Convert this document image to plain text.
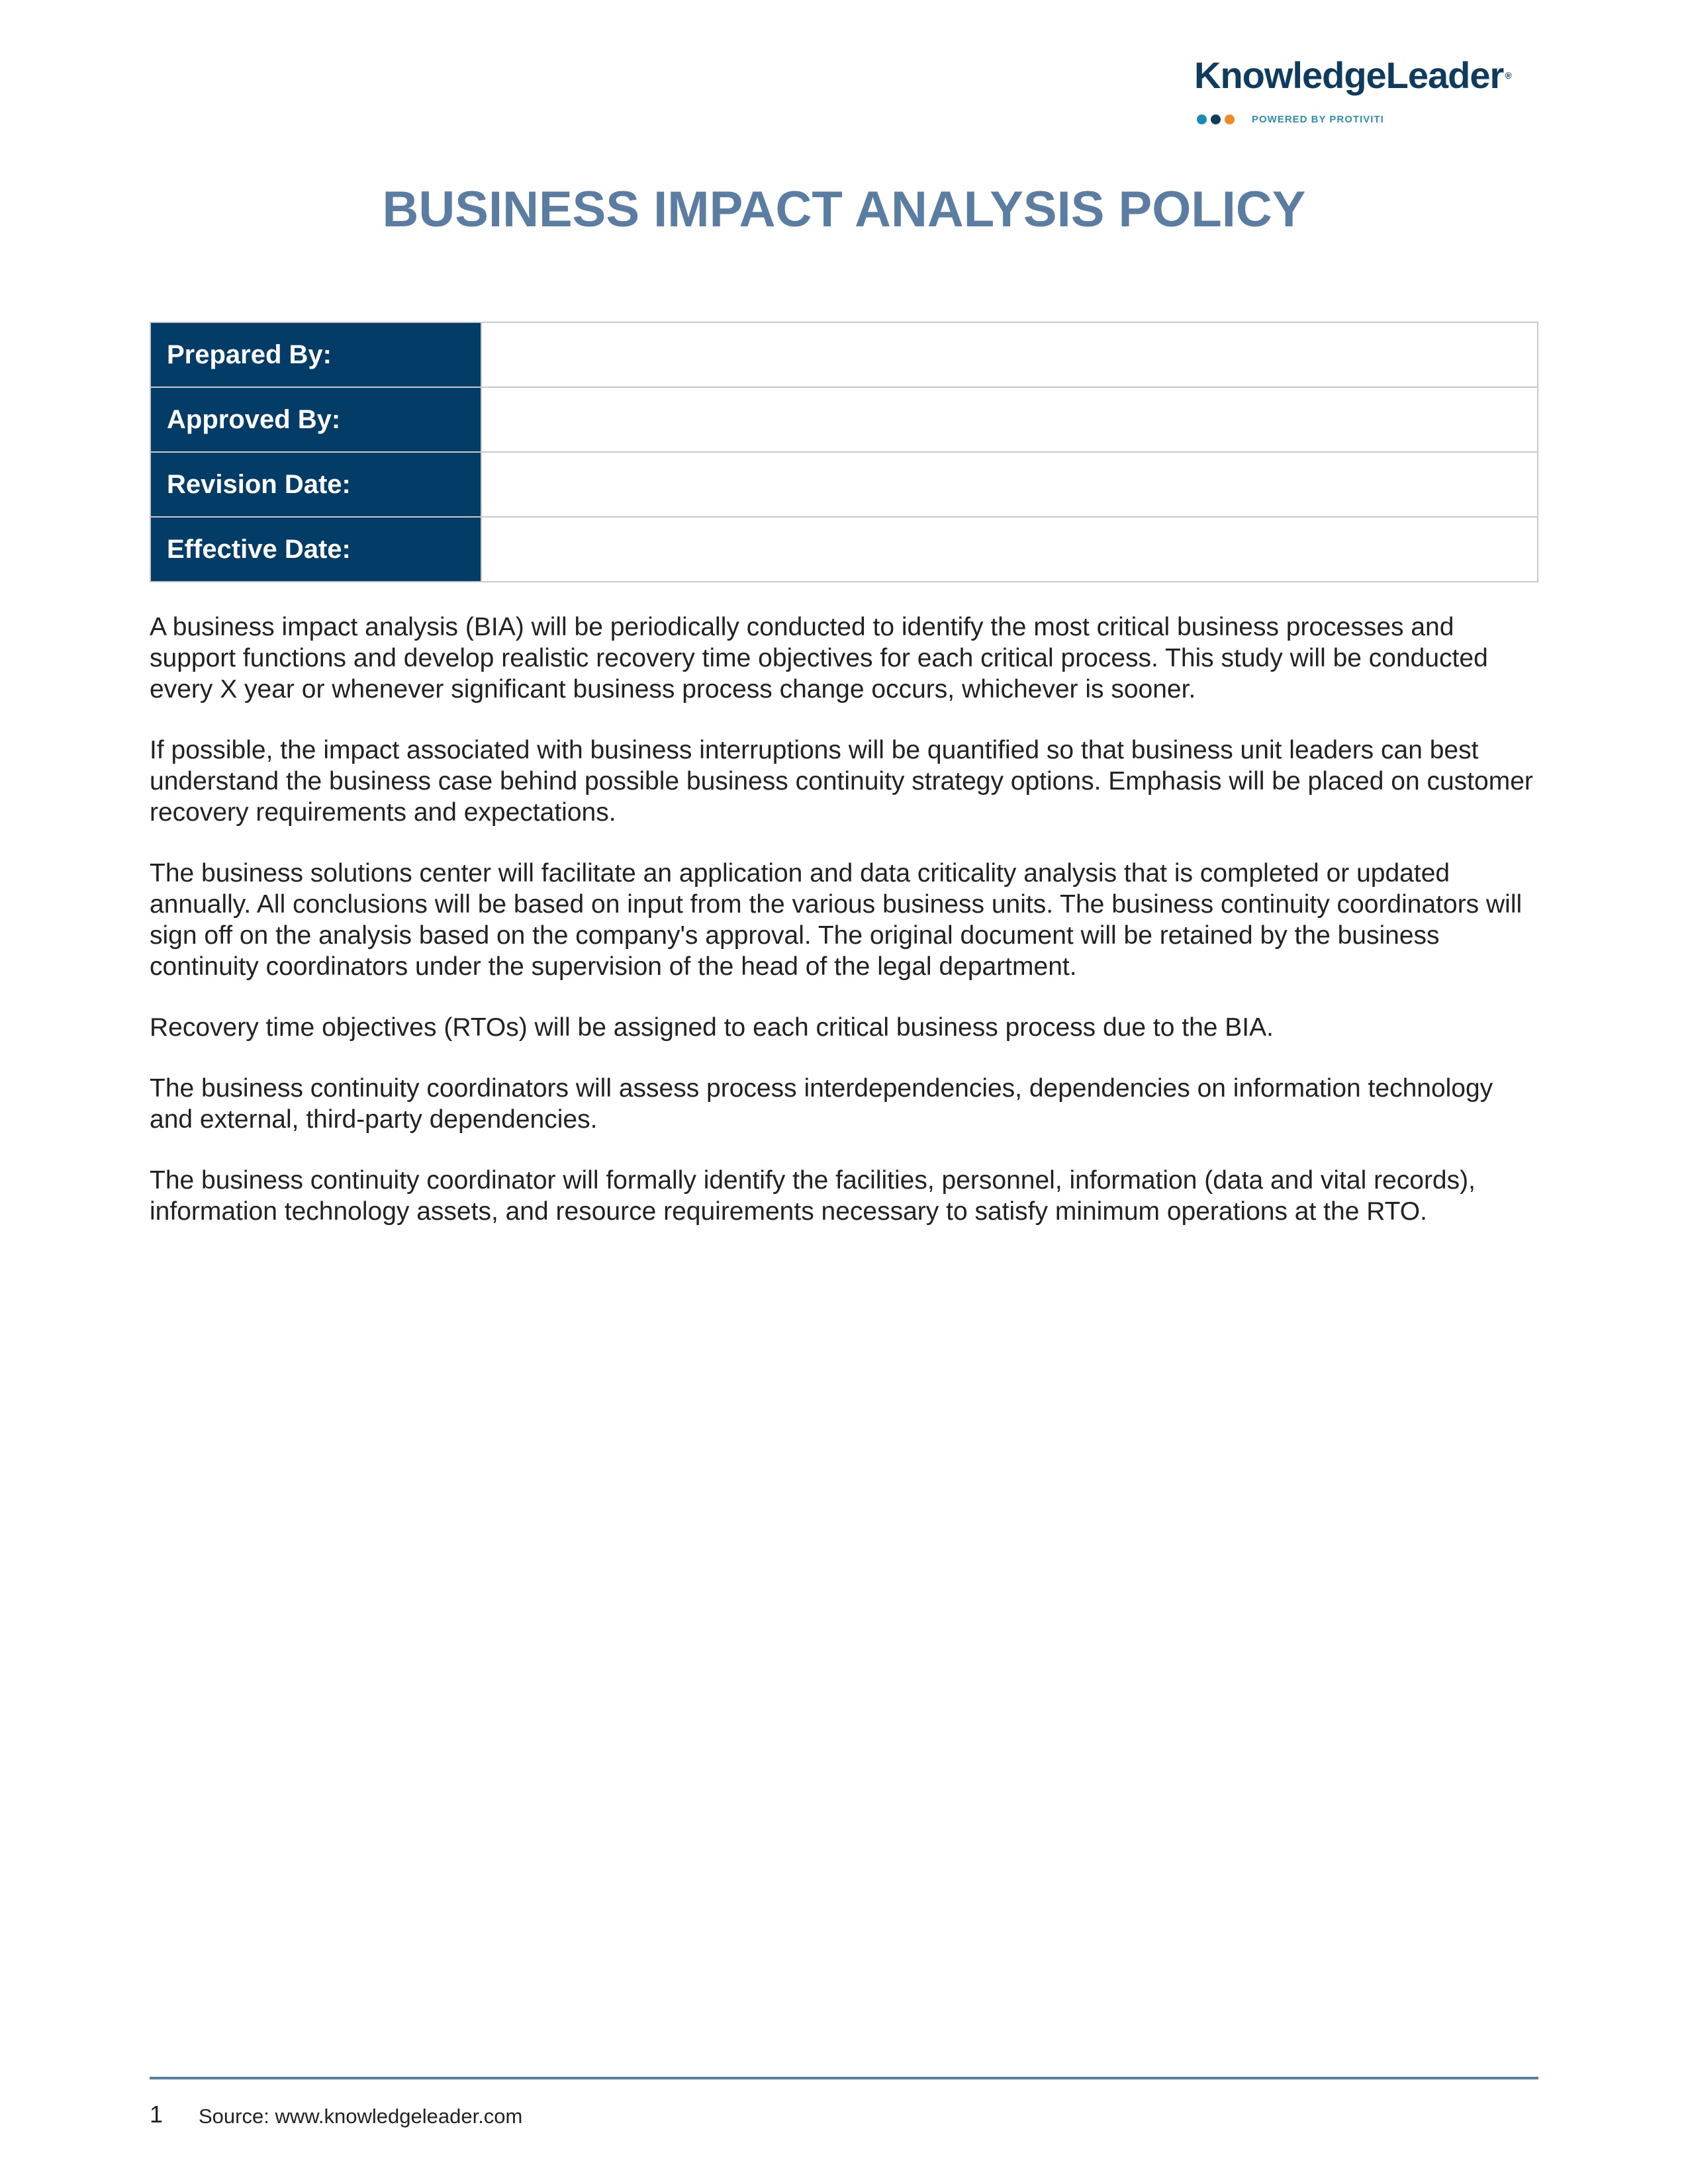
KnowledgeLeader ®
POWERED BY PROTIVITI
BUSINESS IMPACT ANALYSIS POLICY
Prepared By:	
Approved By:	
Revision Date:	
Effective Date:	

A business impact analysis (BIA) will be periodically conducted to identify the most critical business processes and support functions and develop realistic recovery time objectives for each critical process. This study will be conducted every X year or whenever significant business process change occurs, whichever is sooner.

If possible, the impact associated with business interruptions will be quantified so that business unit leaders can best understand the business case behind possible business continuity strategy options. Emphasis will be placed on customer recovery requirements and expectations.

The business solutions center will facilitate an application and data criticality analysis that is completed or updated annually. All conclusions will be based on input from the various business units. The business continuity coordinators will sign off on the analysis based on the company's approval. The original document will be retained by the business continuity coordinators under the supervision of the head of the legal department.

Recovery time objectives (RTOs) will be assigned to each critical business process due to the BIA.

The business continuity coordinators will assess process interdependencies, dependencies on information technology and external, third-party dependencies.

The business continuity coordinator will formally identify the facilities, personnel, information (data and vital records), information technology assets, and resource requirements necessary to satisfy minimum operations at the RTO.

1 Source: www.knowledgeleader.com
